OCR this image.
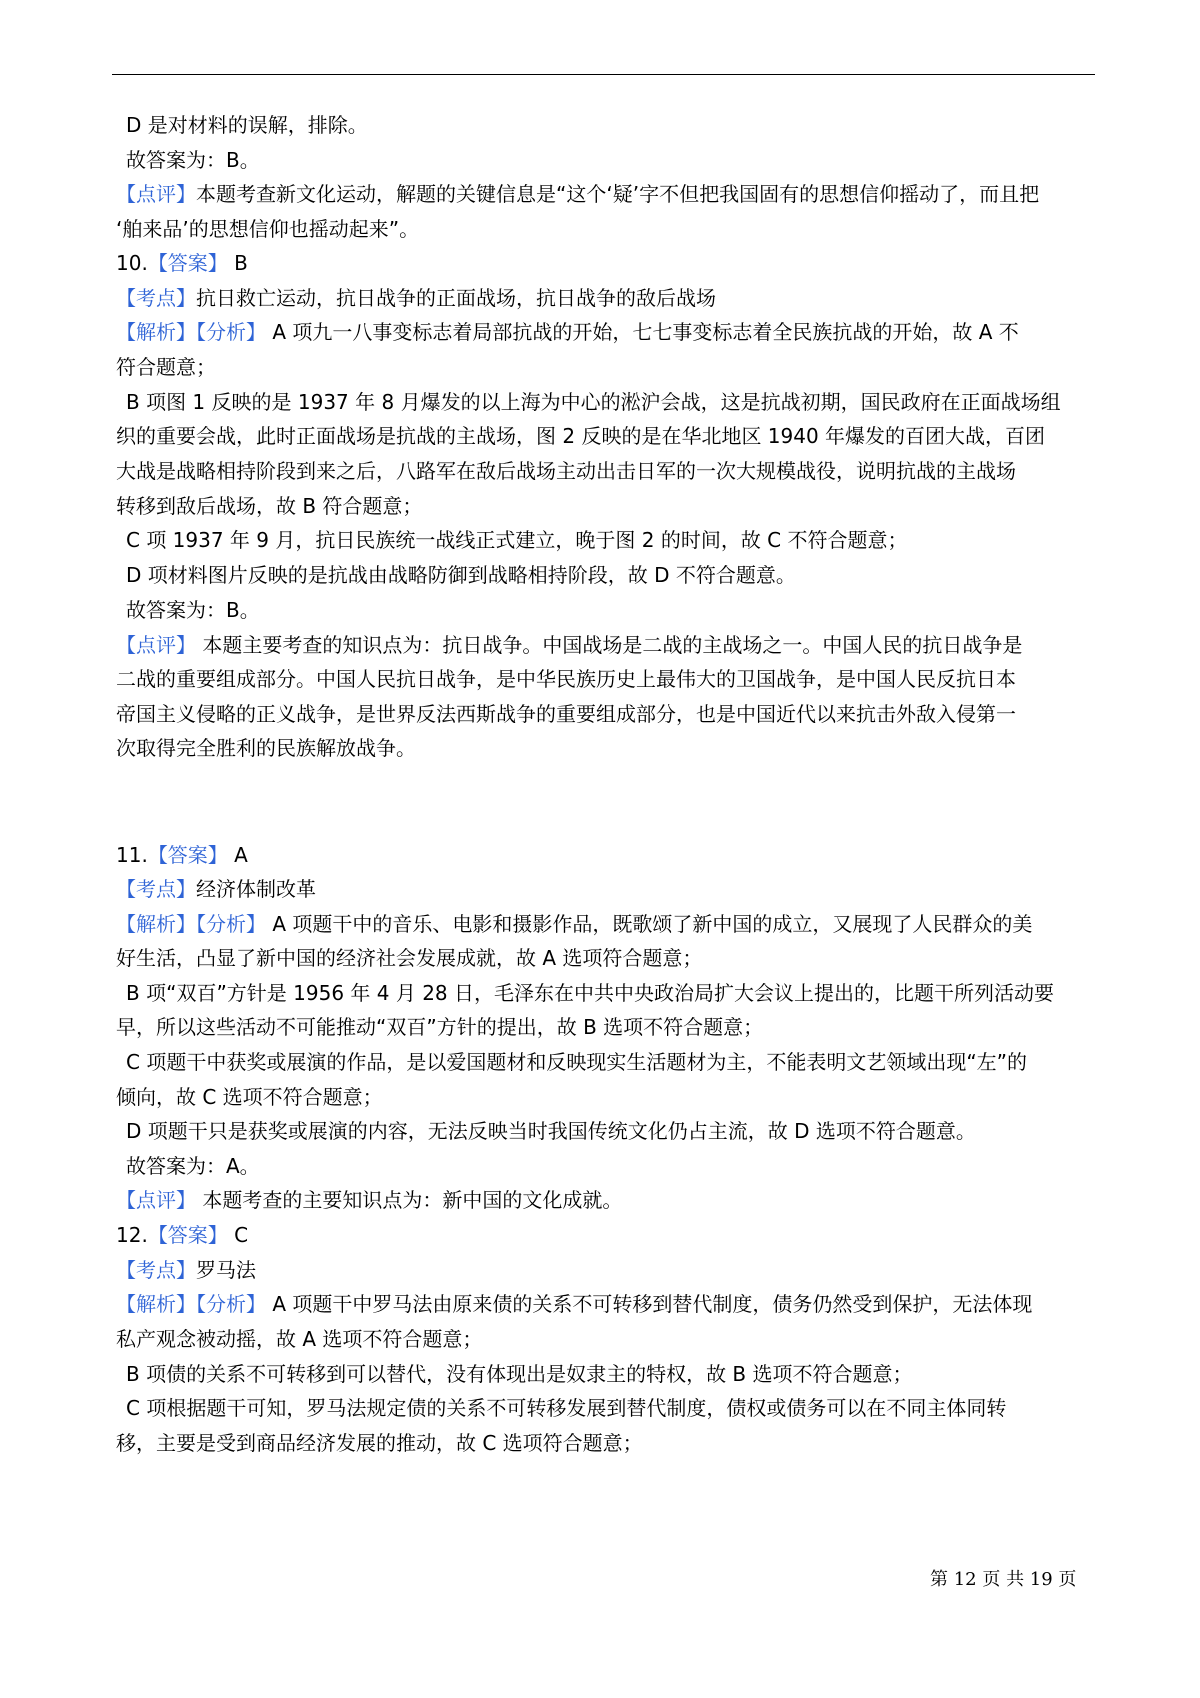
D 是对材料的误解，排除。
故答案为：B。
【点评】本题考查新文化运动，解题的关键信息是“这个‘疑’字不但把我国固有的思想信仰摇动了，而且把
‘舶来品’的思想信仰也摇动起来”。
10.【答案】 B
【考点】抗日救亡运动，抗日战争的正面战场，抗日战争的敌后战场
【解析】【分析】 A 项九一八事变标志着局部抗战的开始，七七事变标志着全民族抗战的开始，故 A 不
符合题意；
B 项图 1 反映的是 1937 年 8 月爆发的以上海为中心的淞沪会战，这是抗战初期，国民政府在正面战场组
织的重要会战，此时正面战场是抗战的主战场，图 2 反映的是在华北地区 1940 年爆发的百团大战，百团
大战是战略相持阶段到来之后，八路军在敌后战场主动出击日军的一次大规模战役，说明抗战的主战场
转移到敌后战场，故 B 符合题意；
C 项 1937 年 9 月，抗日民族统一战线正式建立，晚于图 2 的时间，故 C 不符合题意；
D 项材料图片反映的是抗战由战略防御到战略相持阶段，故 D 不符合题意。
故答案为：B。
【点评】 本题主要考查的知识点为：抗日战争。中国战场是二战的主战场之一。中国人民的抗日战争是
二战的重要组成部分。中国人民抗日战争，是中华民族历史上最伟大的卫国战争，是中国人民反抗日本
帝国主义侵略的正义战争，是世界反法西斯战争的重要组成部分，也是中国近代以来抗击外敌入侵第一
次取得完全胜利的民族解放战争。
11.【答案】 A
【考点】经济体制改革
【解析】【分析】 A 项题干中的音乐、电影和摄影作品，既歌颂了新中国的成立，又展现了人民群众的美
好生活，凸显了新中国的经济社会发展成就，故 A 选项符合题意；
B 项“双百”方针是 1956 年 4 月 28 日，毛泽东在中共中央政治局扩大会议上提出的，比题干所列活动要
早，所以这些活动不可能推动“双百”方针的提出，故 B 选项不符合题意；
C 项题干中获奖或展演的作品，是以爱国题材和反映现实生活题材为主，不能表明文艺领域出现“左”的
倾向，故 C 选项不符合题意；
D 项题干只是获奖或展演的内容，无法反映当时我国传统文化仍占主流，故 D 选项不符合题意。
故答案为：A。
【点评】 本题考查的主要知识点为：新中国的文化成就。
12.【答案】 C
【考点】罗马法
【解析】【分析】 A 项题干中罗马法由原来债的关系不可转移到替代制度，债务仍然受到保护，无法体现
私产观念被动摇，故 A 选项不符合题意；
B 项债的关系不可转移到可以替代，没有体现出是奴隶主的特权，故 B 选项不符合题意；
C 项根据题干可知，罗马法规定债的关系不可转移发展到替代制度，债权或债务可以在不同主体同转
移，主要是受到商品经济发展的推动，故 C 选项符合题意；
第 12 页 共 19 页
